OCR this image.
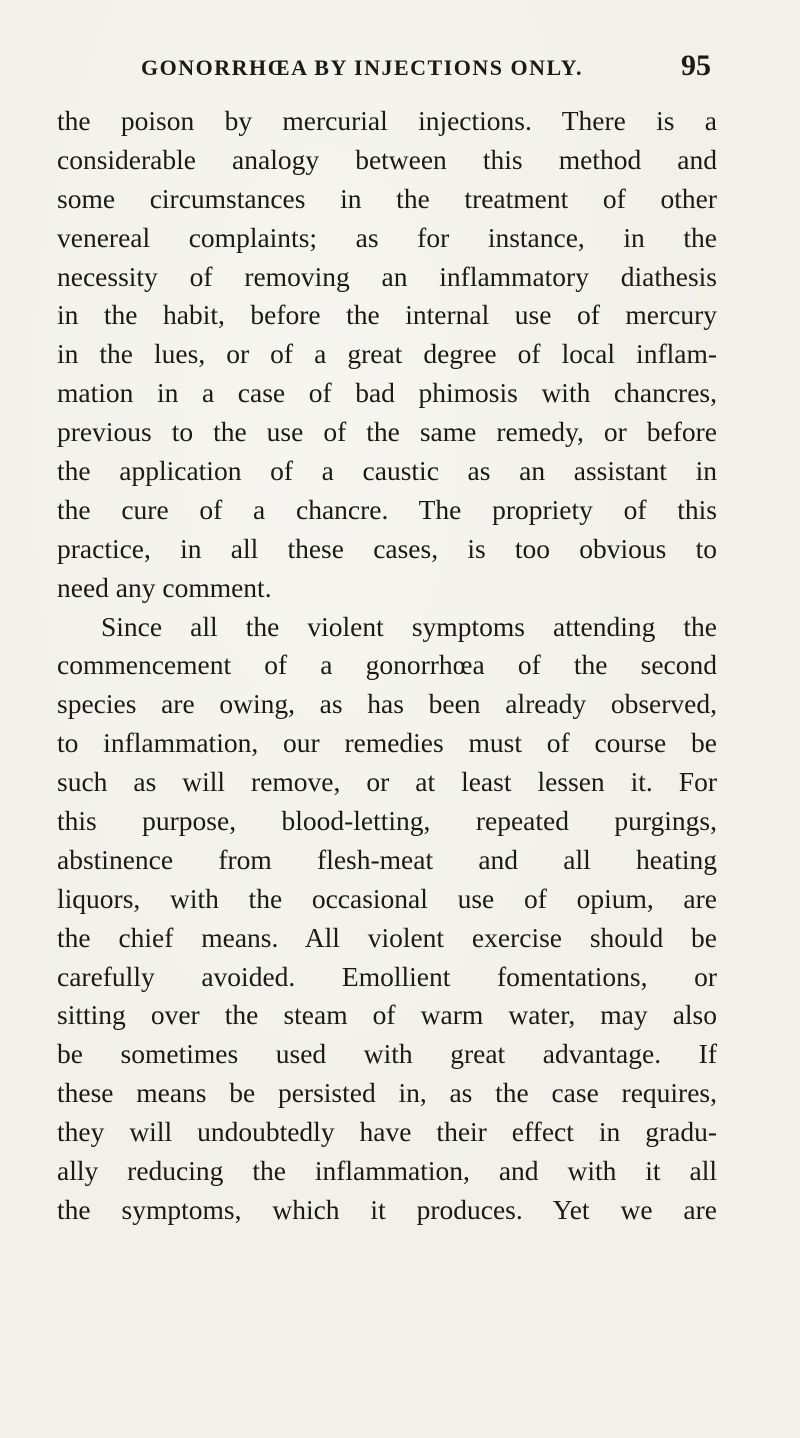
GONORRHŒA BY INJECTIONS ONLY.	95
the poison by mercurial injections. There is a
considerable analogy between this method and
some circumstances in the treatment of other
venereal complaints; as for instance, in the
necessity of removing an inflammatory diathesis
in the habit, before the internal use of mercury
in the lues, or of a great degree of local inflam-
mation in a case of bad phimosis with chancres,
previous to the use of the same remedy, or before
the application of a caustic as an assistant in
the cure of a chancre. The propriety of this
practice, in all these cases, is too obvious to
need any comment.
Since all the violent symptoms attending the
commencement of a gonorrhœa of the second
species are owing, as has been already observed,
to inflammation, our remedies must of course be
such as will remove, or at least lessen it. For
this purpose, blood-letting, repeated purgings,
abstinence from flesh-meat and all heating
liquors, with the occasional use of opium, are
the chief means. All violent exercise should be
carefully avoided. Emollient fomentations, or
sitting over the steam of warm water, may also
be sometimes used with great advantage. If
these means be persisted in, as the case requires,
they will undoubtedly have their effect in gradu-
ally reducing the inflammation, and with it all
the symptoms, which it produces. Yet we are
